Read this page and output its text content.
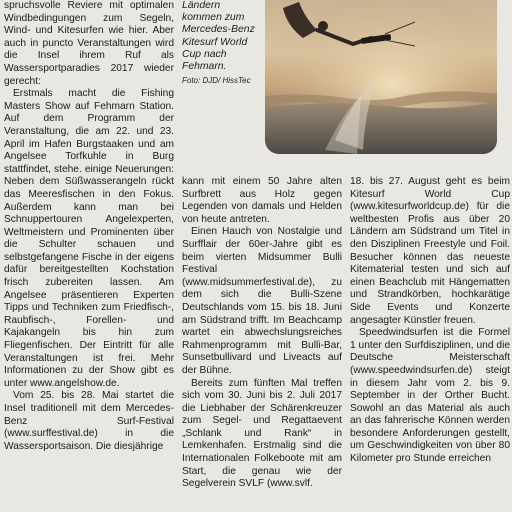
spruchsvolle Reviere mit optimalen Windbedingungen zum Segeln, Wind- und Kitesurfen wie hier. Aber auch in puncto Veranstaltungen wird die Insel ihrem Ruf als Wassersportparadies 2017 wieder gerecht:

Erstmals macht die Fishing Masters Show auf Fehmarn Station. Auf dem Programm der Veranstaltung, die am 22. und 23. April im Hafen Burgstaaken und am Angelsee Torfkuhle in Burg stattfindet, stehe. einige Neuerungen: Neben dem Süßwasserangeln rückt das Meeresfischen in den Fokus. Außerdem kann man bei Schnuppertouren Angelexperten, Weltmeistern und Prominenten über die Schulter schauen und selbstgefangene Fische in der eigens dafür bereitgestellten Kochstation frisch zubereiten lassen. Am Angelsee präsentieren Experten Tipps und Techniken zum Friedfisch-, Raubfisch-, Forellen- und Kajakangeln bis hin zum Fliegenfischen. Der Eintritt für alle Veranstaltungen ist frei. Mehr Informationen zu der Show gibt es unter www.angelshow.de.

Vom 25. bis 28. Mai startet die Insel traditionell mit dem Mercedes-Benz Surf-Festival (www.surffestival.de) in die Wassersportsaison. Die diesjährige

Ländern kommen zum Mercedes-Benz Kitesurf World Cup nach Fehmarn.
Foto: DJD/ HissTec

kann mit einem 50 Jahre alten Surfbrett aus Holz gegen Legenden von damals und Helden von heute antreten.

Einen Hauch von Nostalgie und Surfflair der 60er-Jahre gibt es beim vierten Midsummer Bulli Festival (www.midsummerfestival.de), zu dem sich die Bulli-Szene Deutschlands vom 15. bis 18. Juni am Südstrand trifft. Im Beachcamp wartet ein abwechslungsreiches Rahmenprogramm mit Bulli-Bar, Sunsetbullivard und Liveacts auf der Bühne.

Bereits zum fünften Mal treffen sich vom 30. Juni bis 2. Juli 2017 die Liebhaber der Schärenkreuzer zum Segel- und Regattaevent „Schlank und Rank“ in Lemkenhafen. Erstmalig sind die Internationalen Folkeboote mit am Start, die genau wie der Segelverein SVLF (www.svlf.

18. bis 27. August geht es beim Kitesurf World Cup (www.kitesurfworldcup.de) für die weltbesten Profis aus über 20 Ländern am Südstrand um Titel in den Disziplinen Freestyle und Foil. Besucher können das neueste Kitematerial testen und sich auf einen Beachclub mit Hängematten und Strandkörben, hochkarätige Side Events und Konzerte angesagter Künstler freuen.

Speedwindsurfen ist die Formel 1 unter den Surfdisziplinen, und die Deutsche Meisterschaft (www.speedwindsurfen.de) steigt in diesem Jahr vom 2. bis 9. September in der Orther Bucht. Sowohl an das Material als auch an das fahrerische Können werden besondere Anforderungen gestellt, um Geschwindigkeiten von über 80 Kilometer pro Stunde erreichen
